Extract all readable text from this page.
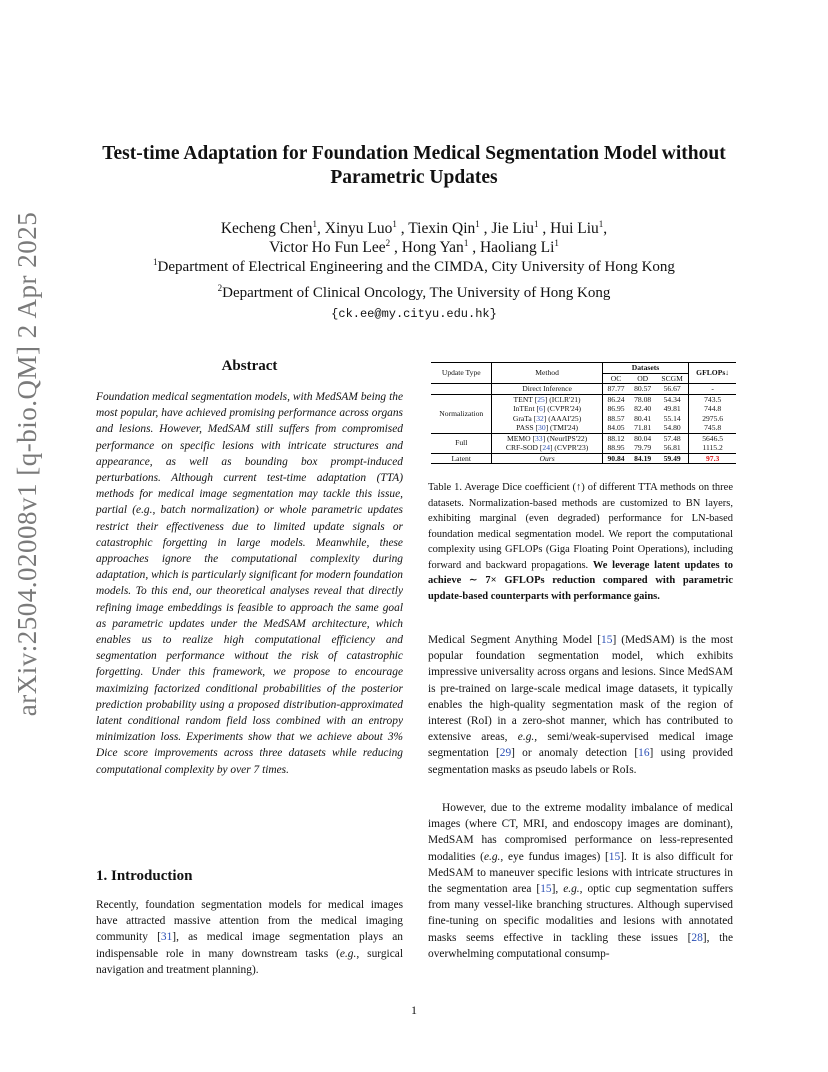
arXiv:2504.02008v1 [q-bio.QM] 2 Apr 2025
Test-time Adaptation for Foundation Medical Segmentation Model without Parametric Updates
Kecheng Chen$^1$, Xinyu Luo$^1$ , Tiexin Qin$^1$ , Jie Liu$^1$ , Hui Liu$^1$,
Victor Ho Fun Lee$^2$ , Hong Yan$^1$ , Haoliang Li$^1$
$^1$Department of Electrical Engineering and the CIMDA, City University of Hong Kong
$^2$Department of Clinical Oncology, The University of Hong Kong
{ck.ee@my.cityu.edu.hk}
Abstract
Foundation medical segmentation models, with MedSAM being the most popular, have achieved promising performance across organs and lesions. However, MedSAM still suffers from compromised performance on specific lesions with intricate structures and appearance, as well as bounding box prompt-induced perturbations. Although current test-time adaptation (TTA) methods for medical image segmentation may tackle this issue, partial (e.g., batch normalization) or whole parametric updates restrict their effectiveness due to limited update signals or catastrophic forgetting in large models. Meanwhile, these approaches ignore the computational complexity during adaptation, which is particularly significant for modern foundation models. To this end, our theoretical analyses reveal that directly refining image embeddings is feasible to approach the same goal as parametric updates under the MedSAM architecture, which enables us to realize high computational efficiency and segmentation performance without the risk of catastrophic forgetting. Under this framework, we propose to encourage maximizing factorized conditional probabilities of the posterior prediction probability using a proposed distribution-approximated latent conditional random field loss combined with an entropy minimization loss. Experiments show that we achieve about 3% Dice score improvements across three datasets while reducing computational complexity by over 7 times.
1. Introduction
Recently, foundation segmentation models for medical images have attracted massive attention from the medical imaging community [31], as medical image segmentation plays an indispensable role in many downstream tasks (e.g., surgical navigation and treatment planning).
Update Type	Method	Datasets			GFLOPs↓
		OC	OD	SCGM	
	Direct Inference	87.77	80.57	56.67	-
Normalization	TENT [25] (ICLR'21)	86.24	78.08	54.34	743.5
	InTEnt [6] (CVPR'24)	86.95	82.40	49.81	744.8
	GraTa [32] (AAAI'25)	88.57	80.41	55.14	2975.6
	PASS [30] (TMI'24)	84.05	71.81	54.80	745.8
Full	MEMO [33] (NeurIPS'22)	88.12	80.04	57.48	5646.5
	CRF-SOD [24] (CVPR'23)	88.95	79.79	56.81	1115.2
Latent	Ours	90.84	84.19	59.49	97.3
Table 1. Average Dice coefficient (↑) of different TTA methods on three datasets. Normalization-based methods are customized to BN layers, exhibiting marginal (even degraded) performance for LN-based foundation medical segmentation model. We report the computational complexity using GFLOPs (Giga Floating Point Operations), including forward and backward propagations. We leverage latent updates to achieve ∼ 7× GFLOPs reduction compared with parametric update-based counterparts with performance gains.
Medical Segment Anything Model [15] (MedSAM) is the most popular foundation segmentation model, which exhibits impressive universality across organs and lesions. Since MedSAM is pre-trained on large-scale medical image datasets, it typically enables the high-quality segmentation mask of the region of interest (RoI) in a zero-shot manner, which has contributed to extensive areas, e.g., semi/weak-supervised medical image segmentation [29] or anomaly detection [16] using provided segmentation masks as pseudo labels or RoIs.
However, due to the extreme modality imbalance of medical images (where CT, MRI, and endoscopy images are dominant), MedSAM has compromised performance on less-represented modalities (e.g., eye fundus images) [15]. It is also difficult for MedSAM to maneuver specific lesions with intricate structures in the segmentation area [15], e.g., optic cup segmentation suffers from many vessel-like branching structures. Although supervised fine-tuning on specific modalities and lesions with annotated masks seems effective in tackling these issues [28], the overwhelming computational consump-
1
